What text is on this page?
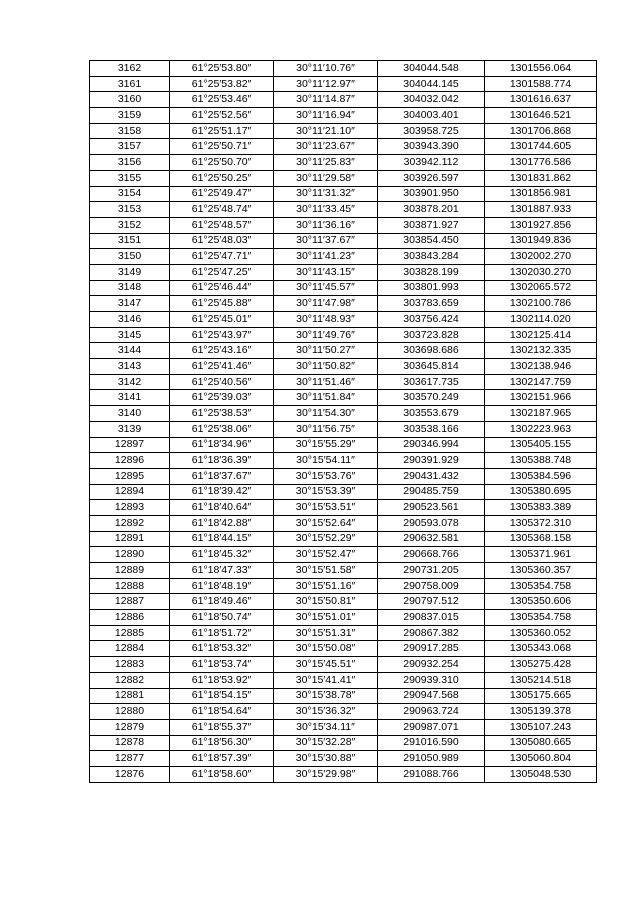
3162	61°25′53.80″	30°11′10.76″	304044.548	1301556.064
3161	61°25′53.82″	30°11′12.97″	304044.145	1301588.774
3160	61°25′53.46″	30°11′14.87″	304032.042	1301616.637
3159	61°25′52.56″	30°11′16.94″	304003.401	1301646.521
3158	61°25′51.17″	30°11′21.10″	303958.725	1301706.868
3157	61°25′50.71″	30°11′23.67″	303943.390	1301744.605
3156	61°25′50.70″	30°11′25.83″	303942.112	1301776.586
3155	61°25′50.25″	30°11′29.58″	303926.597	1301831.862
3154	61°25′49.47″	30°11′31.32″	303901.950	1301856.981
3153	61°25′48.74″	30°11′33.45″	303878.201	1301887.933
3152	61°25′48.57″	30°11′36.16″	303871.927	1301927.856
3151	61°25′48.03″	30°11′37.67″	303854.450	1301949.836
3150	61°25′47.71″	30°11′41.23″	303843.284	1302002.270
3149	61°25′47.25″	30°11′43.15″	303828.199	1302030.270
3148	61°25′46.44″	30°11′45.57″	303801.993	1302065.572
3147	61°25′45.88″	30°11′47.98″	303783.659	1302100.786
3146	61°25′45.01″	30°11′48.93″	303756.424	1302114.020
3145	61°25′43.97″	30°11′49.76″	303723.828	1302125.414
3144	61°25′43.16″	30°11′50.27″	303698.686	1302132.335
3143	61°25′41.46″	30°11′50.82″	303645.814	1302138.946
3142	61°25′40.56″	30°11′51.46″	303617.735	1302147.759
3141	61°25′39.03″	30°11′51.84″	303570.249	1302151.966
3140	61°25′38.53″	30°11′54.30″	303553.679	1302187.965
3139	61°25′38.06″	30°11′56.75″	303538.166	1302223.963
12897	61°18′34.96″	30°15′55.29″	290346.994	1305405.155
12896	61°18′36.39″	30°15′54.11″	290391.929	1305388.748
12895	61°18′37.67″	30°15′53.76″	290431.432	1305384.596
12894	61°18′39.42″	30°15′53.39″	290485.759	1305380.695
12893	61°18′40.64″	30°15′53.51″	290523.561	1305383.389
12892	61°18′42.88″	30°15′52.64″	290593.078	1305372.310
12891	61°18′44.15″	30°15′52.29″	290632.581	1305368.158
12890	61°18′45.32″	30°15′52.47″	290668.766	1305371.961
12889	61°18′47.33″	30°15′51.58″	290731.205	1305360.357
12888	61°18′48.19″	30°15′51.16″	290758.009	1305354.758
12887	61°18′49.46″	30°15′50.81″	290797.512	1305350.606
12886	61°18′50.74″	30°15′51.01″	290837.015	1305354.758
12885	61°18′51.72″	30°15′51.31″	290867.382	1305360.052
12884	61°18′53.32″	30°15′50.08″	290917.285	1305343.068
12883	61°18′53.74″	30°15′45.51″	290932.254	1305275.428
12882	61°18′53.92″	30°15′41.41″	290939.310	1305214.518
12881	61°18′54.15″	30°15′38.78″	290947.568	1305175.665
12880	61°18′54.64″	30°15′36.32″	290963.724	1305139.378
12879	61°18′55.37″	30°15′34.11″	290987.071	1305107.243
12878	61°18′56.30″	30°15′32.28″	291016.590	1305080.665
12877	61°18′57.39″	30°15′30.88″	291050.989	1305060.804
12876	61°18′58.60″	30°15′29.98″	291088.766	1305048.530
